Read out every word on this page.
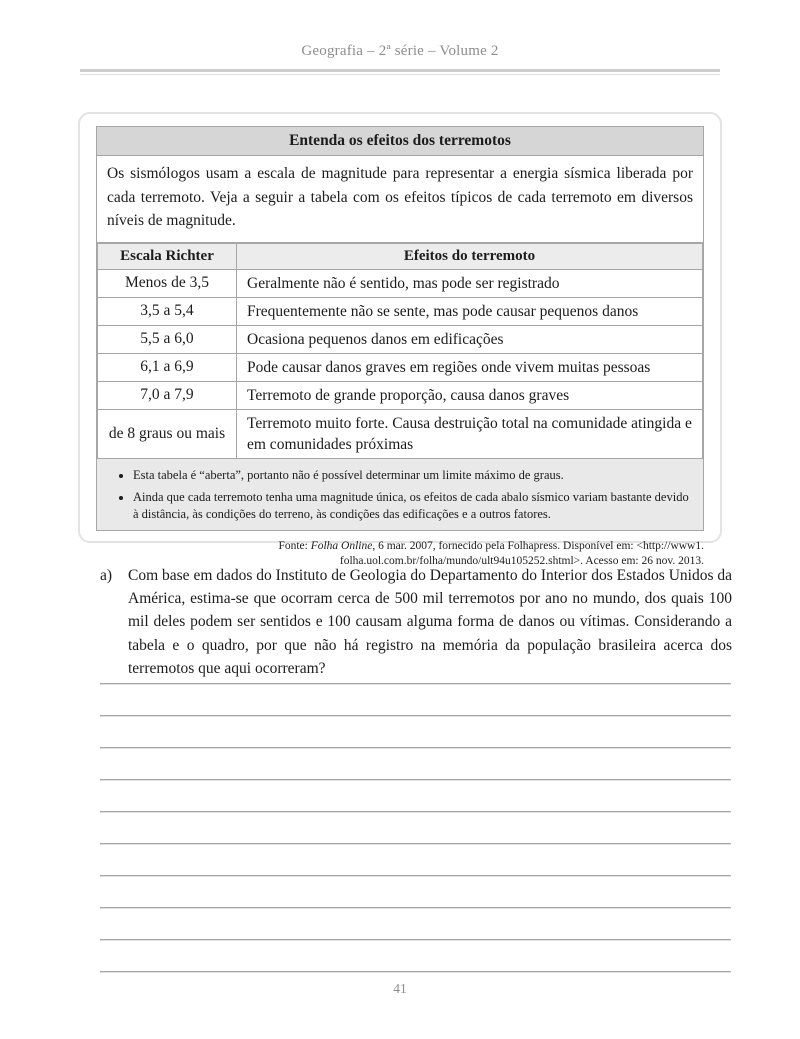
Geografia – 2ª série – Volume 2
Entenda os efeitos dos terremotos
Os sismólogos usam a escala de magnitude para representar a energia sísmica liberada por cada terremoto. Veja a seguir a tabela com os efeitos típicos de cada terremoto em diversos níveis de magnitude.
Escala Richter	Efeitos do terremoto
Menos de 3,5	Geralmente não é sentido, mas pode ser registrado
3,5 a 5,4	Frequentemente não se sente, mas pode causar pequenos danos
5,5 a 6,0	Ocasiona pequenos danos em edificações
6,1 a 6,9	Pode causar danos graves em regiões onde vivem muitas pessoas
7,0 a 7,9	Terremoto de grande proporção, causa danos graves
de 8 graus ou mais	Terremoto muito forte. Causa destruição total na comunidade atingida e em comunidades próximas
• Esta tabela é “aberta”, portanto não é possível determinar um limite máximo de graus.
• Ainda que cada terremoto tenha uma magnitude única, os efeitos de cada abalo sísmico variam bastante devido à distância, às condições do terreno, às condições das edificações e a outros fatores.
Fonte: Folha Online, 6 mar. 2007, fornecido pela Folhapress. Disponível em: <http://www1.
folha.uol.com.br/folha/mundo/ult94u105252.shtml>. Acesso em: 26 nov. 2013.
a)	Com base em dados do Instituto de Geologia do Departamento do Interior dos Estados Unidos da América, estima-se que ocorram cerca de 500 mil terremotos por ano no mundo, dos quais 100 mil deles podem ser sentidos e 100 causam alguma forma de danos ou vítimas. Considerando a tabela e o quadro, por que não há registro na memória da população brasileira acerca dos terremotos que aqui ocorreram?
41
